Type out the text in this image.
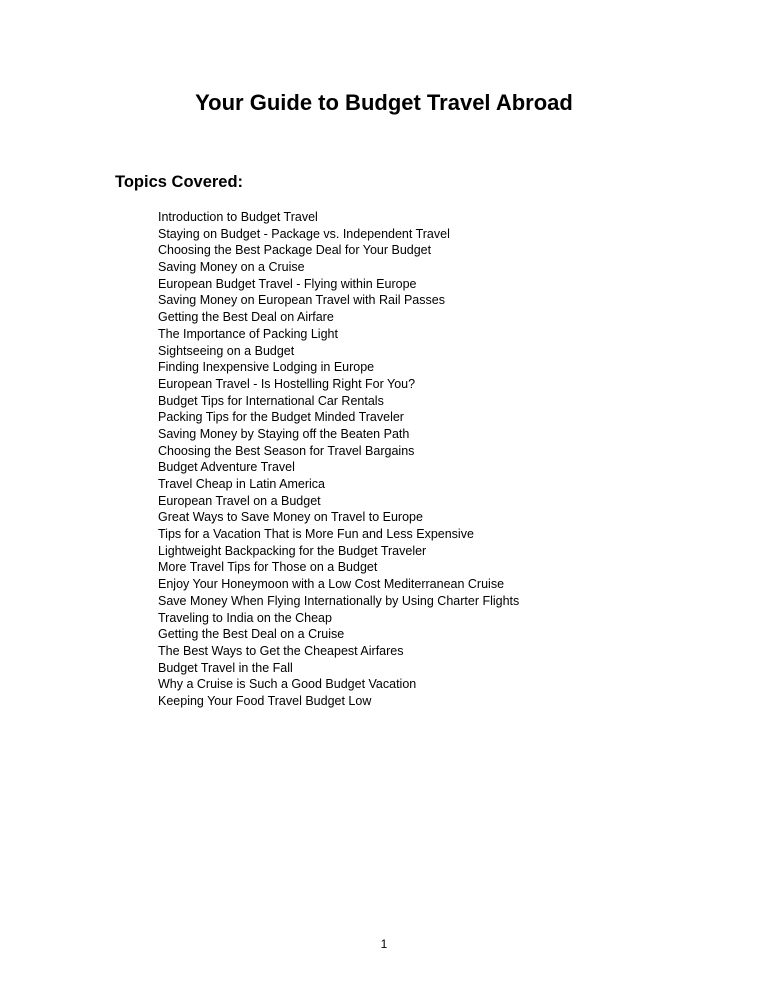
Your Guide to Budget Travel Abroad
Topics Covered:
Introduction to Budget Travel
Staying on Budget - Package vs. Independent Travel
Choosing the Best Package Deal for Your Budget
Saving Money on a Cruise
European Budget Travel - Flying within Europe
Saving Money on European Travel with Rail Passes
Getting the Best Deal on Airfare
The Importance of Packing Light
Sightseeing on a Budget
Finding Inexpensive Lodging in Europe
European Travel - Is Hostelling Right For You?
Budget Tips for International Car Rentals
Packing Tips for the Budget Minded Traveler
Saving Money by Staying off the Beaten Path
Choosing the Best Season for Travel Bargains
Budget Adventure Travel
Travel Cheap in Latin America
European Travel on a Budget
Great Ways to Save Money on Travel to Europe
Tips for a Vacation That is More Fun and Less Expensive
Lightweight Backpacking for the Budget Traveler
More Travel Tips for Those on a Budget
Enjoy Your Honeymoon with a Low Cost Mediterranean Cruise
Save Money When Flying Internationally by Using Charter Flights
Traveling to India on the Cheap
Getting the Best Deal on a Cruise
The Best Ways to Get the Cheapest Airfares
Budget Travel in the Fall
Why a Cruise is Such a Good Budget Vacation
Keeping Your Food Travel Budget Low
1
